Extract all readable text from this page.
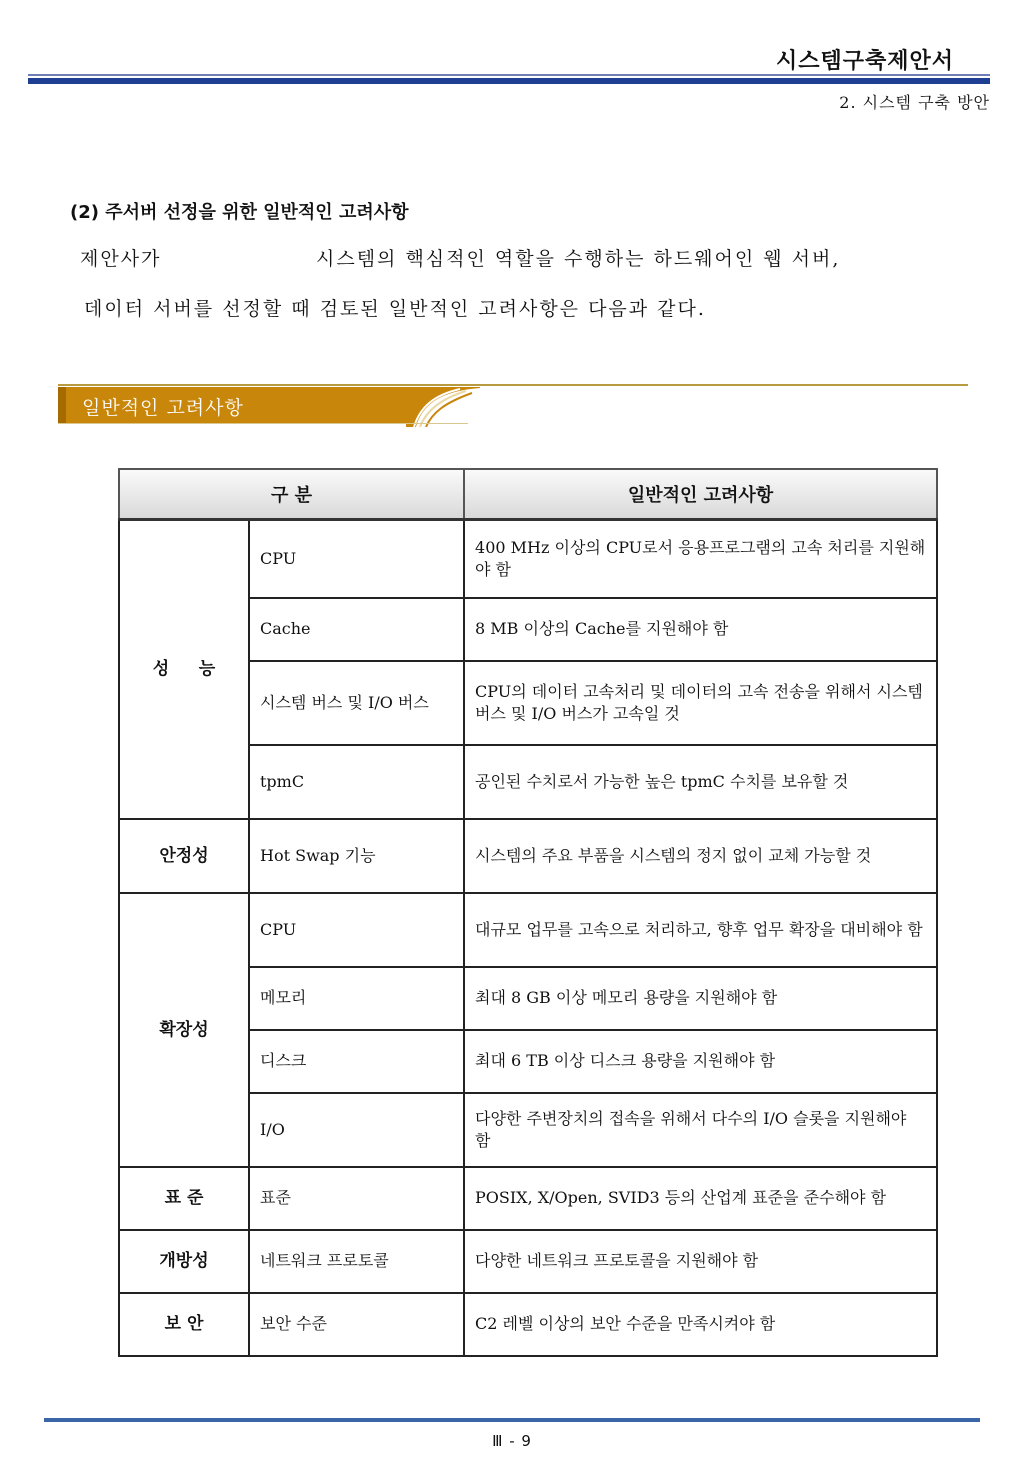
시스템구축제안서
2. 시스템 구축 방안
(2) 주서버 선정을 위한 일반적인 고려사항
제안사가	시스템의 핵심적인 역할을 수행하는 하드웨어인 웹 서버,
데이터 서버를 선정할 때 검토된 일반적인 고려사항은 다음과 같다.
일반적인 고려사항
구 분		일반적인 고려사항
성     능	CPU	400 MHz 이상의 CPU로서 응용프로그램의 고속 처리를 지원해야 함
	Cache	8 MB 이상의 Cache를 지원해야 함
	시스템 버스 및 I/O 버스	CPU의 데이터 고속처리 및 데이터의 고속 전송을 위해서 시스템 버스 및 I/O 버스가 고속일 것
	tpmC	공인된 수치로서 가능한 높은 tpmC 수치를 보유할 것
안정성	Hot Swap 기능	시스템의 주요 부품을 시스템의 정지 없이 교체 가능할 것
확장성	CPU	대규모 업무를 고속으로 처리하고, 향후 업무 확장을 대비해야 함
	메모리	최대 8 GB 이상 메모리 용량을 지원해야 함
	디스크	최대 6 TB 이상 디스크 용량을 지원해야 함
	I/O	다양한 주변장치의 접속을 위해서 다수의 I/O 슬롯을 지원해야 함
표 준	표준	POSIX, X/Open, SVID3 등의 산업계 표준을 준수해야 함
개방성	네트워크 프로토콜	다양한 네트워크 프로토콜을 지원해야 함
보 안	보안 수준	C2 레벨 이상의 보안 수준을 만족시켜야 함
Ⅲ - 9
